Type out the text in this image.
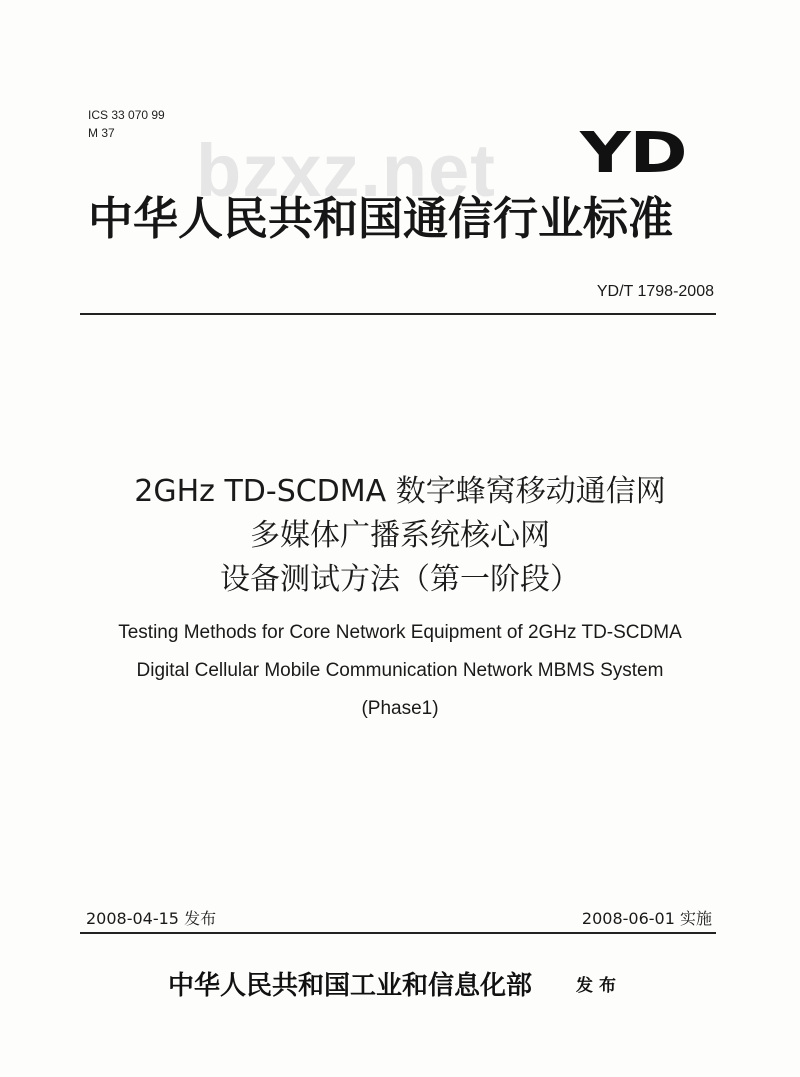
ICS 33 070 99
M 37	bzxz.net YD
中华人民共和国通信行业标准
YD/T 1798-2008
2GHz TD-SCDMA 数字蜂窝移动通信网
多媒体广播系统核心网
设备测试方法（第一阶段）
Testing Methods for Core Network Equipment of 2GHz TD-SCDMA
Digital Cellular Mobile Communication Network MBMS System
(Phase1)
2008-04-15 发布	2008-06-01 实施
中华人民共和国工业和信息化部	发布
